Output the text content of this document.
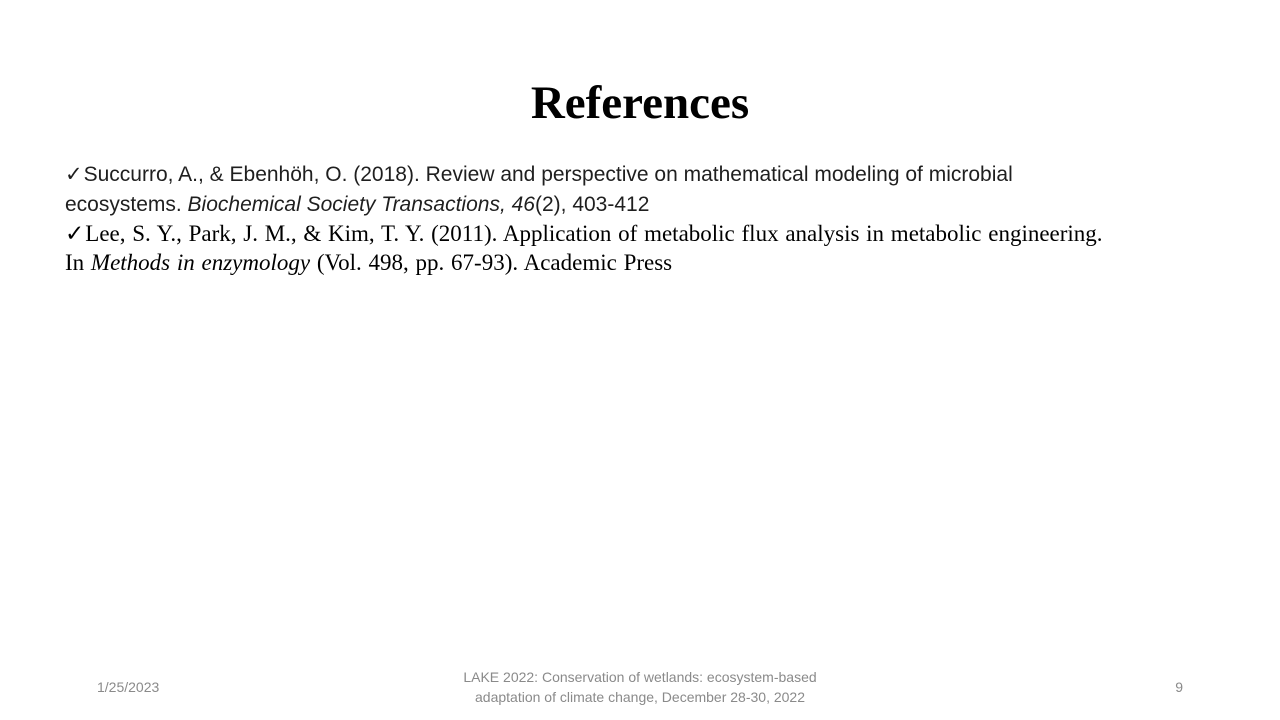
References
✓Succurro, A., & Ebenhöh, O. (2018). Review and perspective on mathematical modeling of microbial
ecosystems. Biochemical Society Transactions, 46(2), 403-412
✓Lee, S. Y., Park, J. M., & Kim, T. Y. (2011). Application of metabolic flux analysis in metabolic engineering.
In Methods in enzymology (Vol. 498, pp. 67-93). Academic Press
1/25/2023
LAKE 2022: Conservation of wetlands: ecosystem-based
adaptation of climate change, December 28-30, 2022
9
